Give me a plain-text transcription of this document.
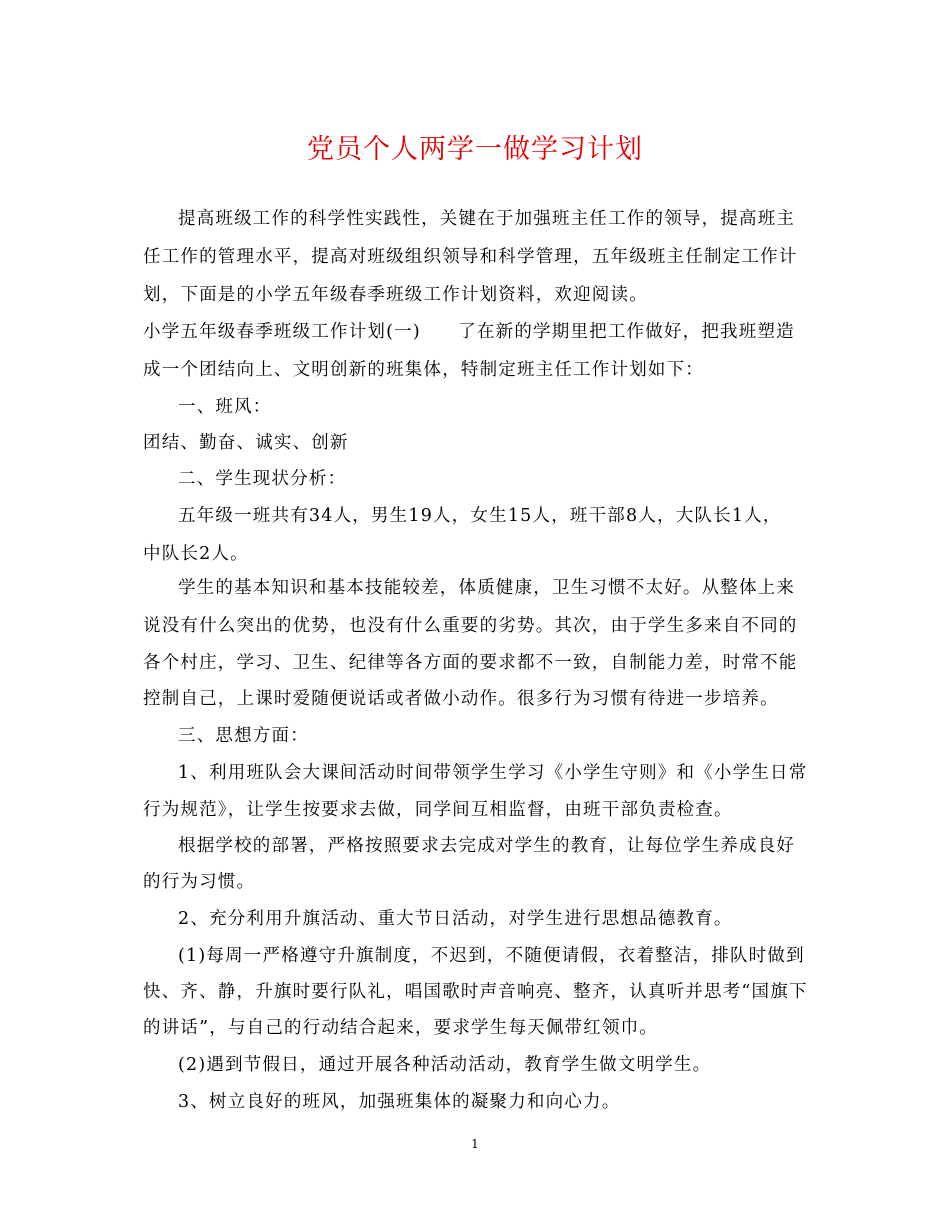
党员个人两学一做学习计划
提高班级工作的科学性实践性，关键在于加强班主任工作的领导，提高班主
任工作的管理水平，提高对班级组织领导和科学管理，五年级班主任制定工作计
划，下面是的小学五年级春季班级工作计划资料，欢迎阅读。
小学五年级春季班级工作计划(一)　　了在新的学期里把工作做好，把我班塑造
成一个团结向上、文明创新的班集体，特制定班主任工作计划如下：
一、班风：
团结、勤奋、诚实、创新
二、学生现状分析：
五年级一班共有34人，男生19人，女生15人，班干部8人，大队长1人，
中队长2人。
学生的基本知识和基本技能较差，体质健康，卫生习惯不太好。从整体上来
说没有什么突出的优势，也没有什么重要的劣势。其次，由于学生多来自不同的
各个村庄，学习、卫生、纪律等各方面的要求都不一致，自制能力差，时常不能
控制自己，上课时爱随便说话或者做小动作。很多行为习惯有待进一步培养。
三、思想方面：
1、利用班队会大课间活动时间带领学生学习《小学生守则》和《小学生日常
行为规范》，让学生按要求去做，同学间互相监督，由班干部负责检查。
根据学校的部署，严格按照要求去完成对学生的教育，让每位学生养成良好
的行为习惯。
2、充分利用升旗活动、重大节日活动，对学生进行思想品德教育。
(1)每周一严格遵守升旗制度，不迟到，不随便请假，衣着整洁，排队时做到
快、齐、静，升旗时要行队礼，唱国歌时声音响亮、整齐，认真听并思考“国旗下
的讲话”，与自己的行动结合起来，要求学生每天佩带红领巾。
(2)遇到节假日，通过开展各种活动活动，教育学生做文明学生。
3、树立良好的班风，加强班集体的凝聚力和向心力。
1
